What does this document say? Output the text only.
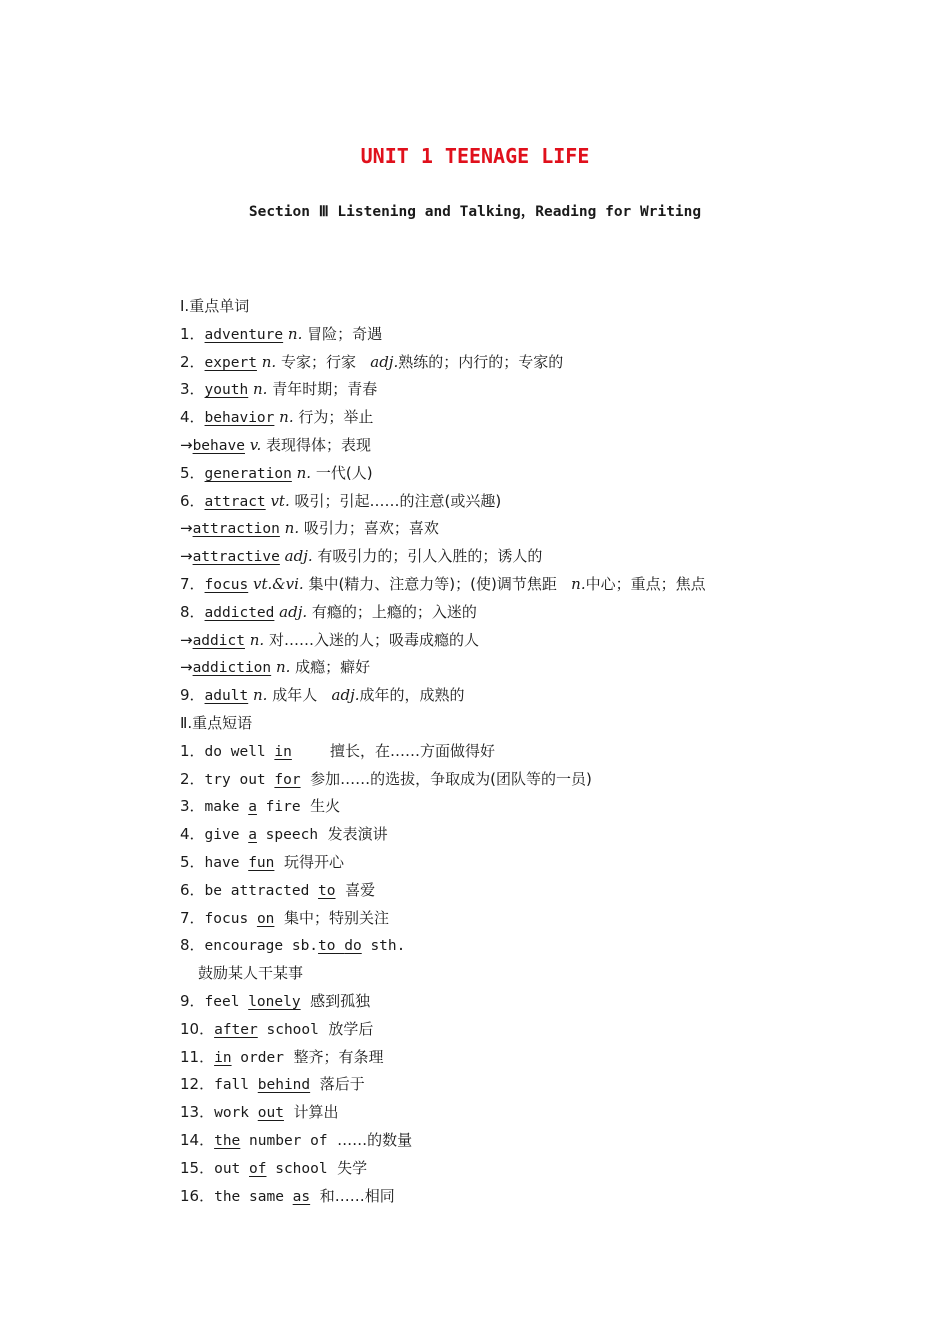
UNIT 1 TEENAGE LIFE
Section Ⅲ Listening and Talking，Reading for Writing
Ⅰ.重点单词
1．adventure n. 冒险；奇遇
2．expert n. 专家；行家 adj.熟练的；内行的；专家的
3．youth n. 青年时期；青春
4．behavior n. 行为；举止
→behave v. 表现得体；表现
5．generation n. 一代(人)
6．attract vt. 吸引；引起……的注意(或兴趣)
→attraction n. 吸引力；喜欢；喜欢
→attractive adj. 有吸引力的；引人入胜的；诱人的
7．focus vt.&vi. 集中(精力、注意力等)；(使)调节焦距 n.中心；重点；焦点
8．addicted adj. 有瘾的；上瘾的；入迷的
→addict n. 对……入迷的人；吸毒成瘾的人
→addiction n. 成瘾；癖好
9．adult n. 成年人 adj.成年的，成熟的
Ⅱ.重点短语
1．do well in	擅长，在……方面做得好
2．try out for 参加……的选拔，争取成为(团队等的一员)
3．make a fire 生火
4．give a speech 发表演讲
5．have fun 玩得开心
6．be attracted to 喜爱
7．focus on 集中；特别关注
8．encourage sb.to do sth.
鼓励某人干某事
9．feel lonely 感到孤独
10．after school 放学后
11．in order 整齐；有条理
12．fall behind 落后于
13．work out 计算出
14．the number of ……的数量
15．out of school 失学
16．the same as 和……相同
